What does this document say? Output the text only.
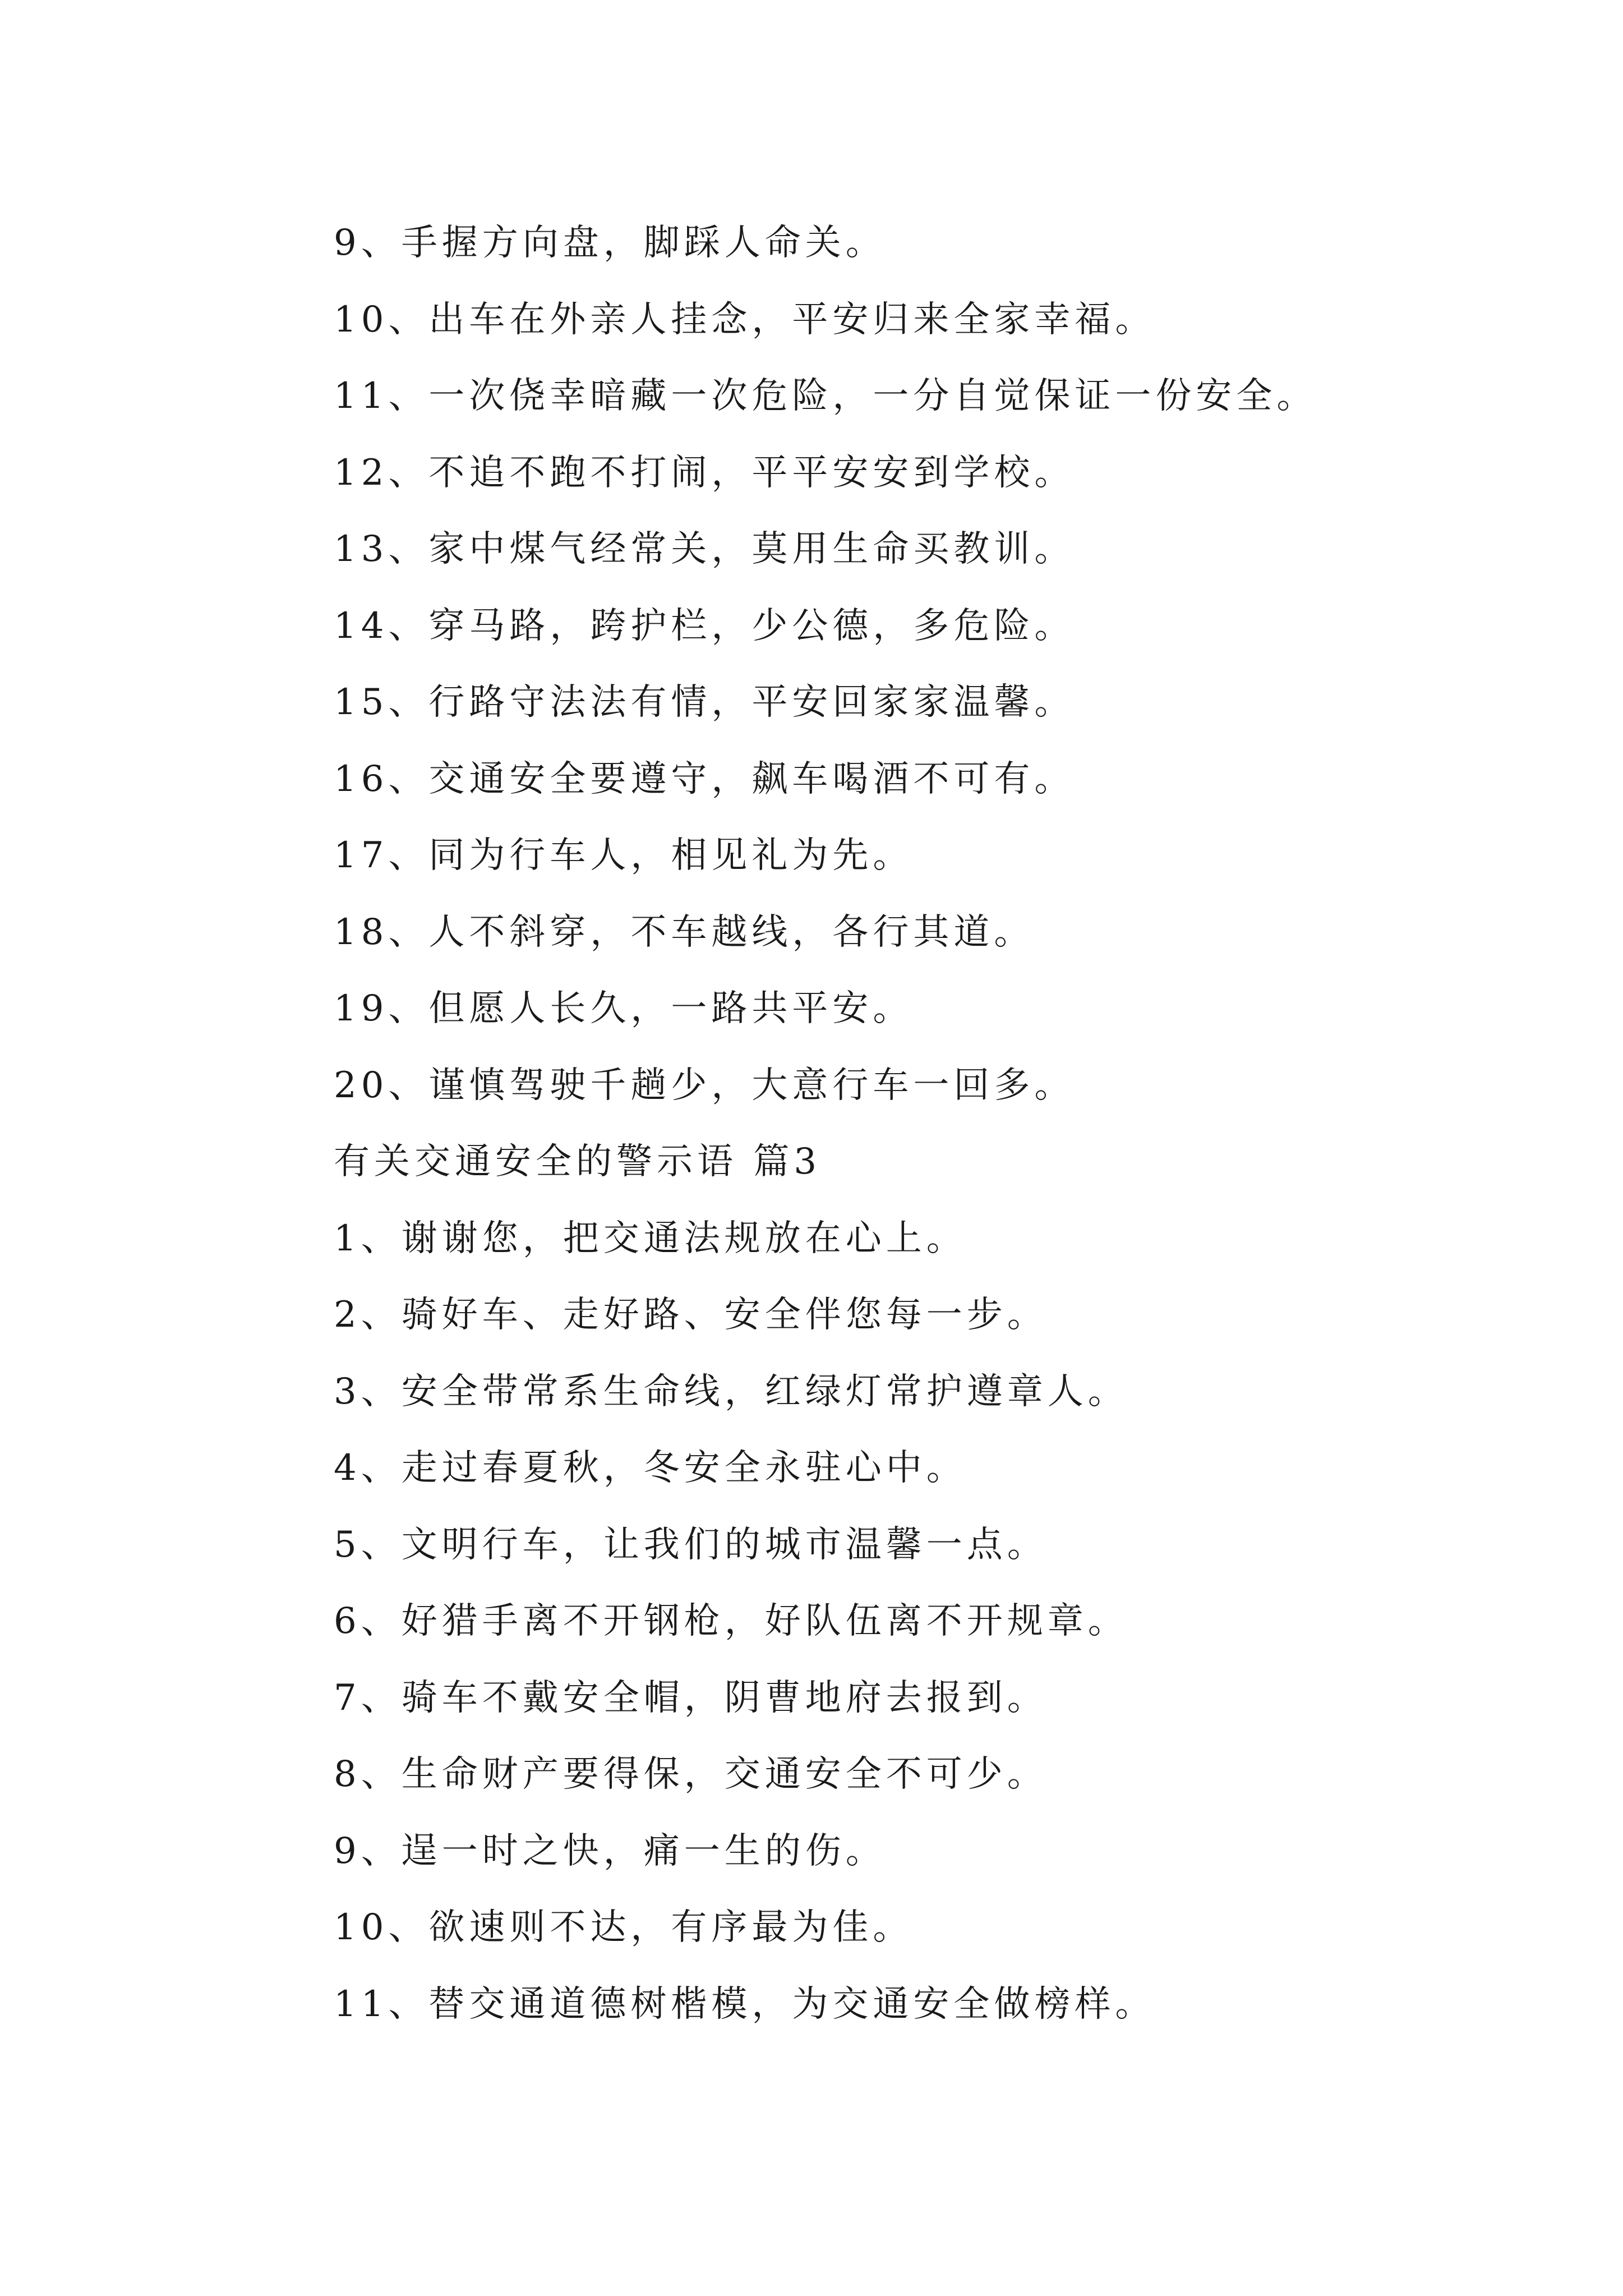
9、手握方向盘，脚踩人命关。
10、出车在外亲人挂念，平安归来全家幸福。
11、一次侥幸暗藏一次危险，一分自觉保证一份安全。
12、不追不跑不打闹，平平安安到学校。
13、家中煤气经常关，莫用生命买教训。
14、穿马路，跨护栏，少公德，多危险。
15、行路守法法有情，平安回家家温馨。
16、交通安全要遵守，飙车喝酒不可有。
17、同为行车人，相见礼为先。
18、人不斜穿，不车越线，各行其道。
19、但愿人长久，一路共平安。
20、谨慎驾驶千趟少，大意行车一回多。
有关交通安全的警示语 篇3
1、谢谢您，把交通法规放在心上。
2、骑好车、走好路、安全伴您每一步。
3、安全带常系生命线，红绿灯常护遵章人。
4、走过春夏秋，冬安全永驻心中。
5、文明行车，让我们的城市温馨一点。
6、好猎手离不开钢枪，好队伍离不开规章。
7、骑车不戴安全帽，阴曹地府去报到。
8、生命财产要得保，交通安全不可少。
9、逞一时之快，痛一生的伤。
10、欲速则不达，有序最为佳。
11、替交通道德树楷模，为交通安全做榜样。
